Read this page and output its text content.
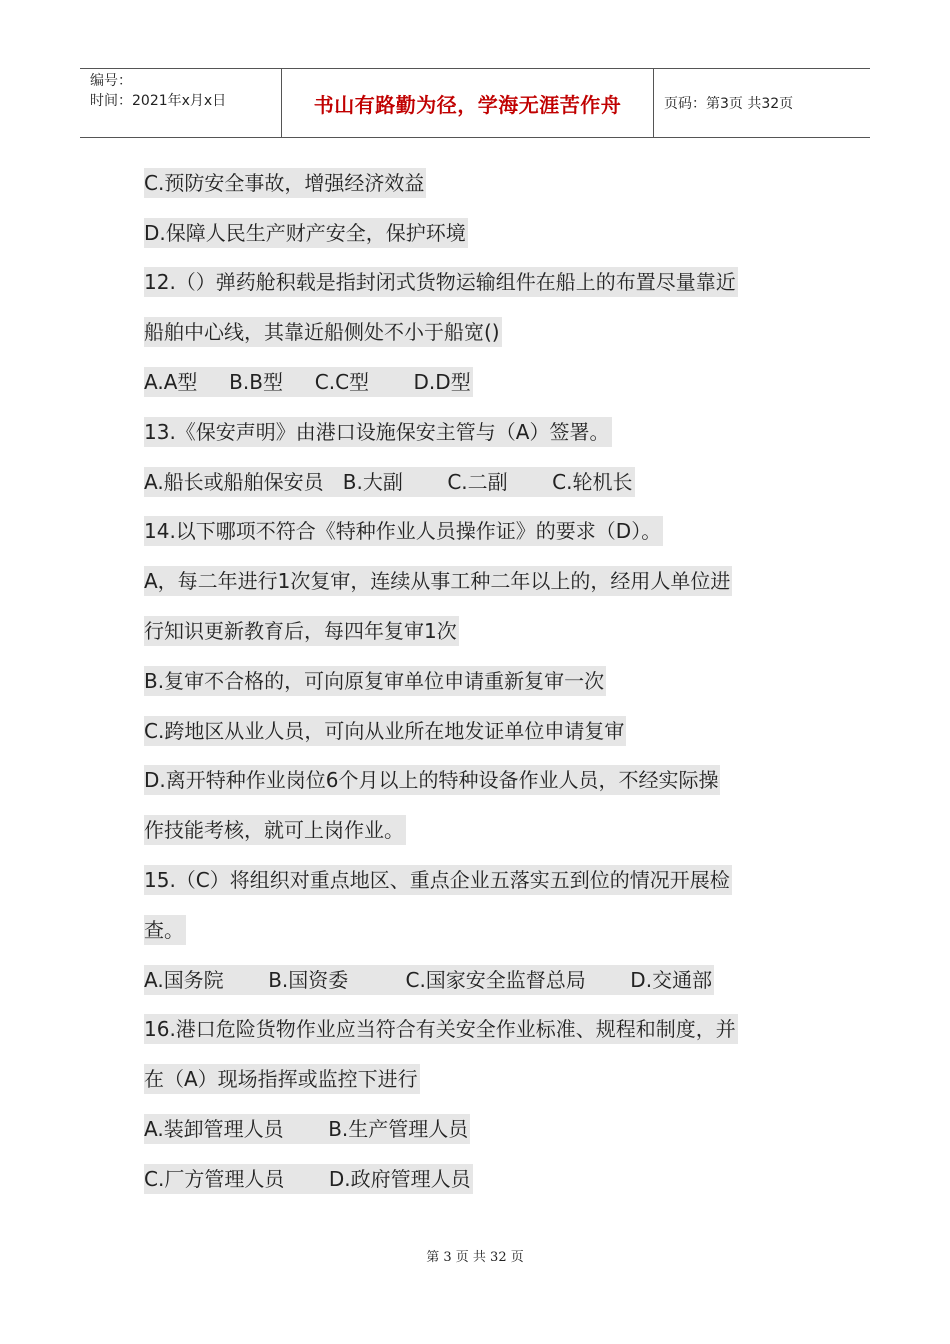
编号：
时间：2021年x月x日	书山有路勤为径，学海无涯苦作舟	页码：第3页 共32页
C.预防安全事故，增强经济效益
D.保障人民生产财产安全，保护环境
12.（）弹药舱积载是指封闭式货物运输组件在船上的布置尽量靠近
船舶中心线，其靠近船侧处不小于船宽()
A.A型     B.B型     C.C型       D.D型
13.《保安声明》由港口设施保安主管与（A）签署。
A.船长或船舶保安员   B.大副       C.二副       C.轮机长
14.以下哪项不符合《特种作业人员操作证》的要求（D）。
A，每二年进行1次复审，连续从事工种二年以上的，经用人单位进
行知识更新教育后，每四年复审1次
B.复审不合格的，可向原复审单位申请重新复审一次
C.跨地区从业人员，可向从业所在地发证单位申请复审
D.离开特种作业岗位6个月以上的特种设备作业人员，不经实际操
作技能考核，就可上岗作业。
15.（C）将组织对重点地区、重点企业五落实五到位的情况开展检
查。
A.国务院       B.国资委         C.国家安全监督总局       D.交通部
16.港口危险货物作业应当符合有关安全作业标准、规程和制度，并
在（A）现场指挥或监控下进行
A.装卸管理人员       B.生产管理人员
C.厂方管理人员       D.政府管理人员
第 3 页 共 32 页
